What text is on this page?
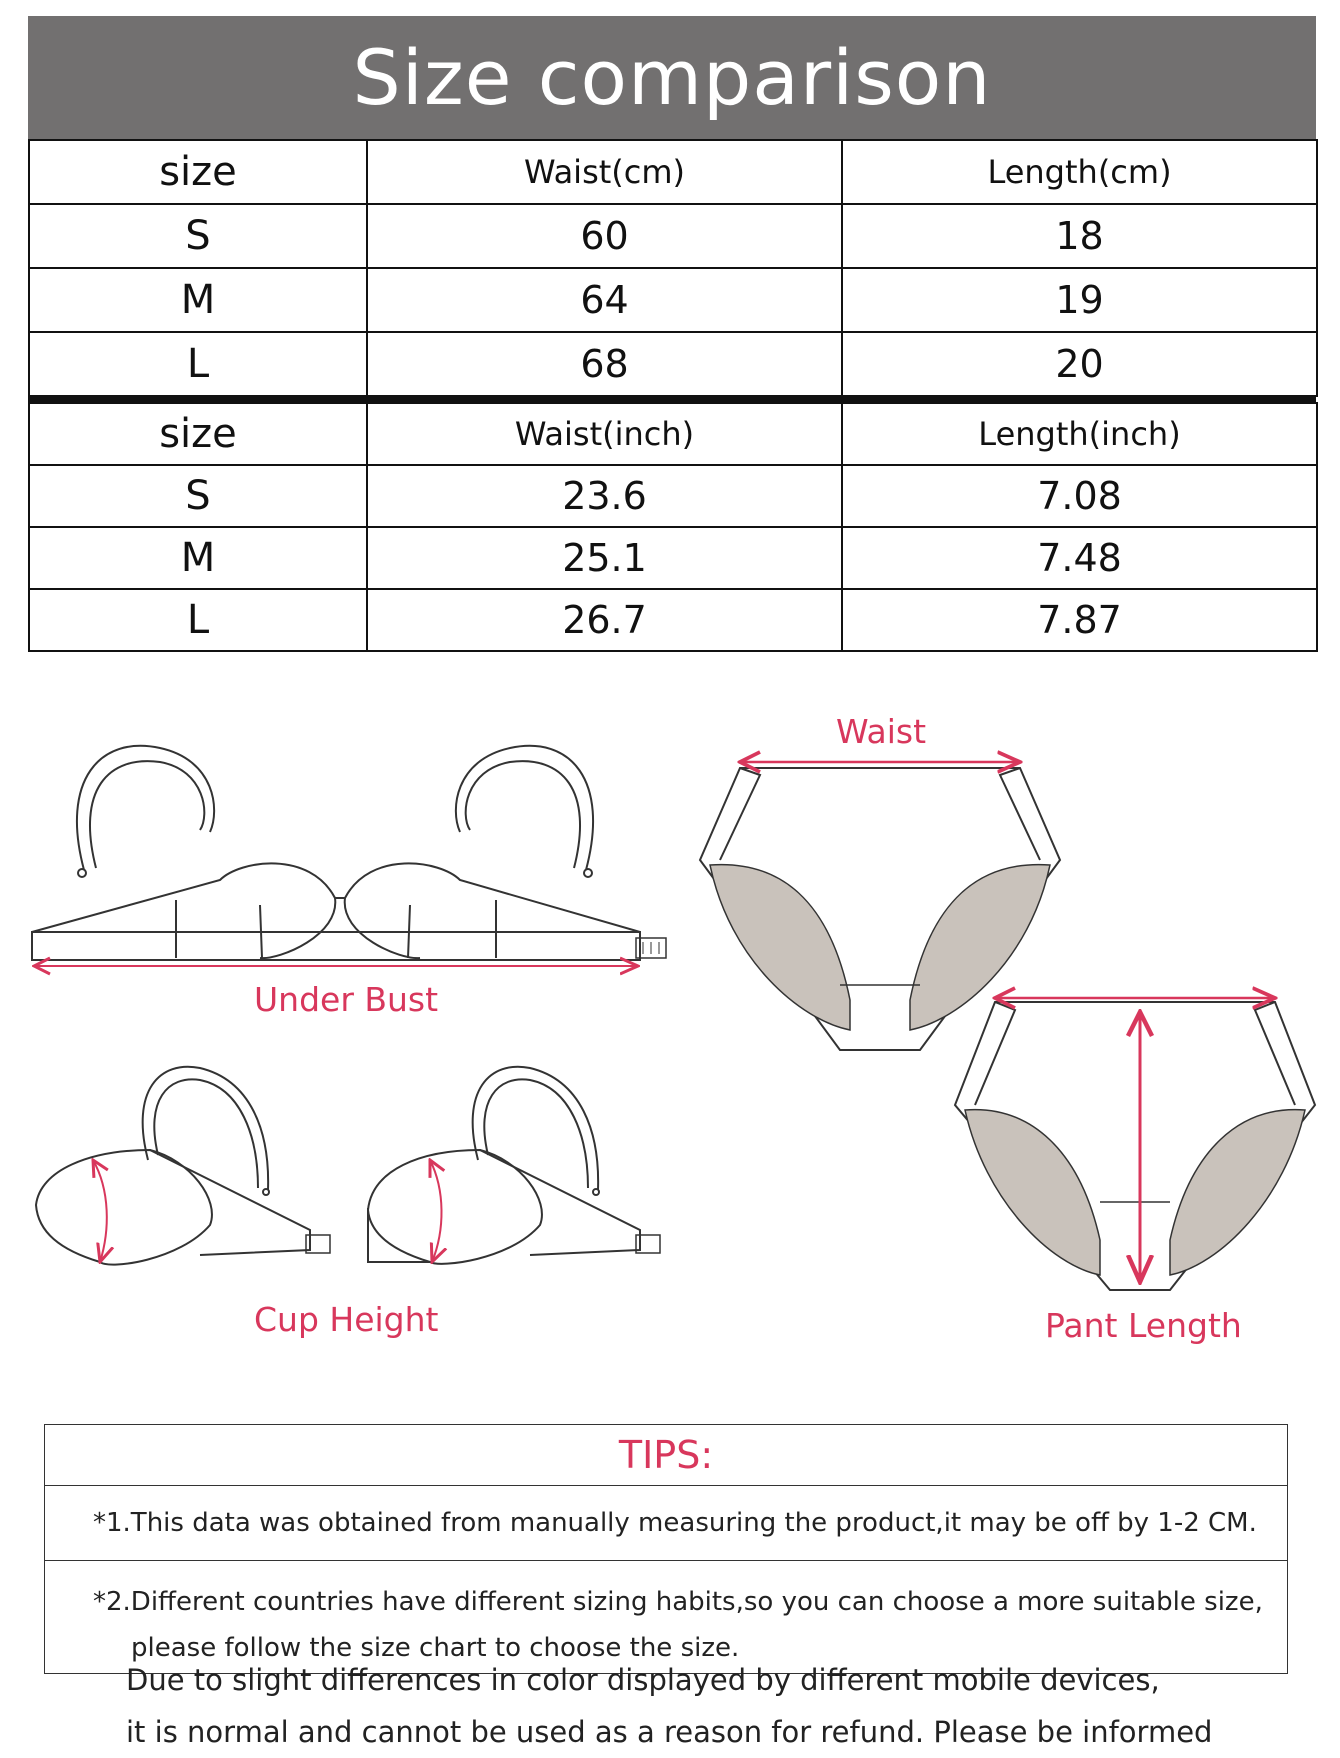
Size comparison
size	Waist(cm)	Length(cm)
S	60	18
M	64	19
L	68	20
size	Waist(inch)	Length(inch)
S	23.6	7.08
M	25.1	7.48
L	26.7	7.87
Waist
Under Bust
Cup Height	Pant Length
TIPS:
*1.This data was obtained from manually measuring the product,it may be off by 1-2 CM.
*2.Different countries have different sizing habits,so you can choose a more suitable size,
please follow the size chart to choose the size.
Due to slight differences in color displayed by different mobile devices,
it is normal and cannot be used as a reason for refund. Please be informed
